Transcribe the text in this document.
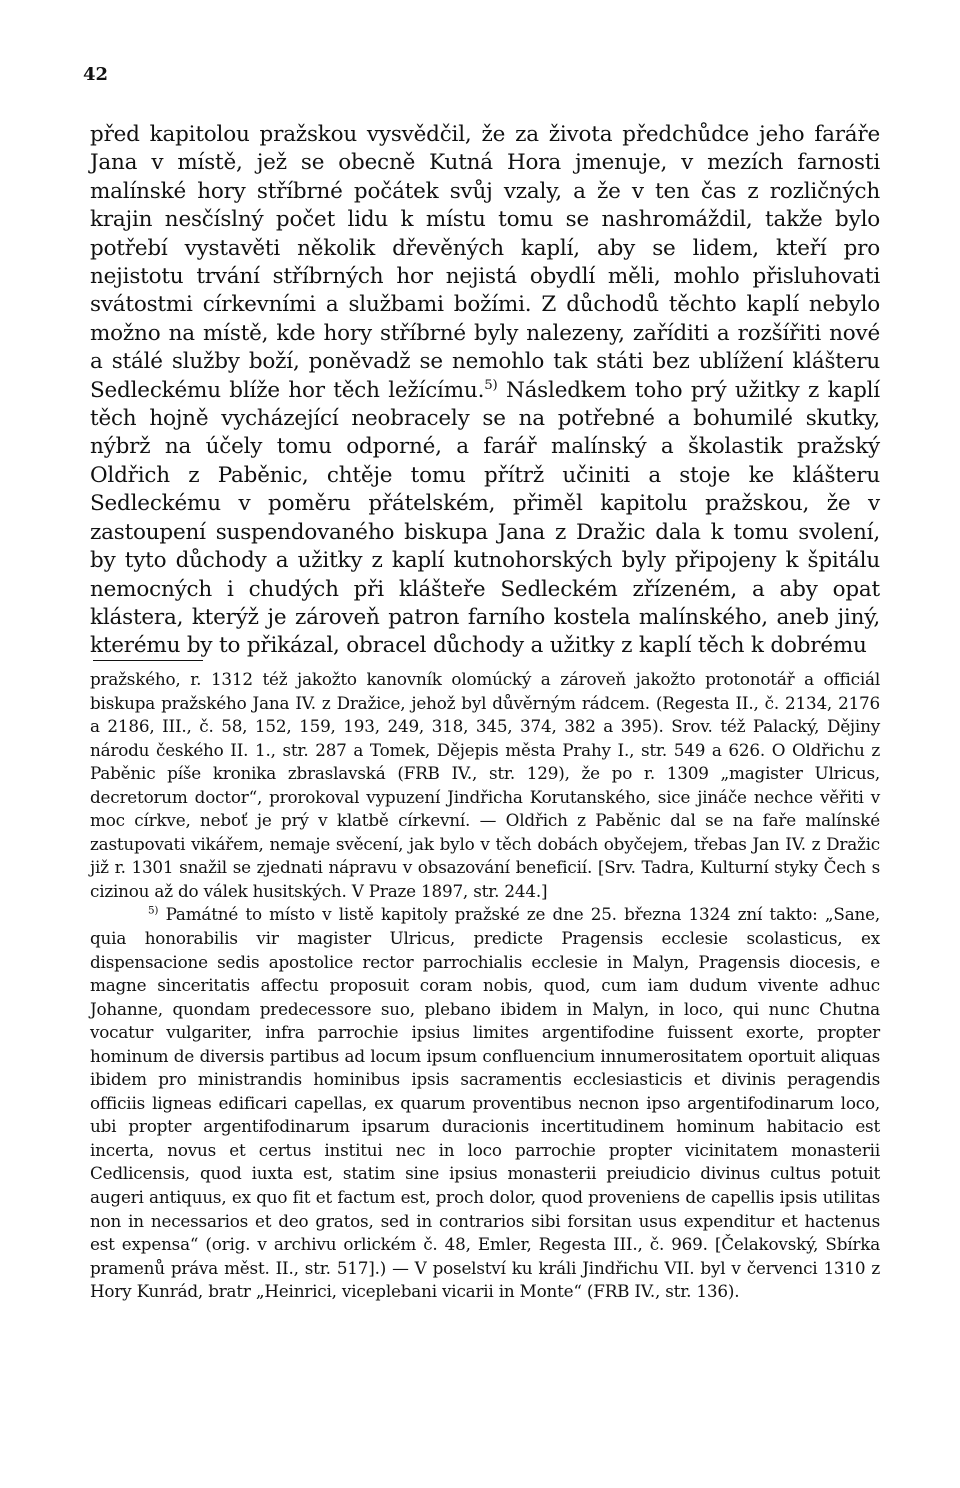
42

před kapitolou pražskou vysvědčil, že za života předchůdce jeho faráře Jana v místě, jež se obecně Kutná Hora jmenuje, v mezích farnosti malínské hory stříbrné počátek svůj vzaly, a že v ten čas z rozličných krajin nesčíslný počet lidu k místu tomu se nashromáždil, takže bylo potřebí vystavěti několik dřevěných kaplí, aby se lidem, kteří pro nejistotu trvání stříbrných hor nejistá obydlí měli, mohlo přisluhovati svátostmi církevními a službami božími. Z důchodů těchto kaplí nebylo možno na místě, kde hory stříbrné byly nalezeny, zaříditi a rozšířiti nové a stálé služby boží, poněvadž se nemohlo tak státi bez ublížení klášteru Sedleckému blíže hor těch ležícímu.$^{5)}$ Následkem toho prý užitky z kaplí těch hojně vycházející neobracely se na potřebné a bohumilé skutky, nýbrž na účely tomu odporné, a farář malínský a školastik pražský Oldřich z Paběnic, chtěje tomu přítrž učiniti a stoje ke klášteru Sedleckému v poměru přátelském, přiměl kapitolu pražskou, že v zastoupení suspendovaného biskupa Jana z Dražic dala k tomu svolení, by tyto důchody a užitky z kaplí kutnohorských byly připojeny k špitálu nemocných i chudých při klášteře Sedleckém zřízeném, a aby opat klástera, kterýž je zároveň patron farního kostela malínského, aneb jiný, kterému by to přikázal, obracel důchody a užitky z kaplí těch k dobrému

pražského, r. 1312 též jakožto kanovník olomúcký a zároveň jakožto protonotář a officiál biskupa pražského Jana IV. z Dražice, jehož byl důvěrným rádcem. (Regesta II., č. 2134, 2176 a 2186, III., č. 58, 152, 159, 193, 249, 318, 345, 374, 382 a 395). Srov. též Palacký, Dějiny národu českého II. 1., str. 287 a Tomek, Dějepis města Prahy I., str. 549 a 626. O Oldřichu z Paběnic píše kronika zbraslavská (FRB IV., str. 129), že po r. 1309 „magister Ulricus, decretorum doctor“, prorokoval vypuzení Jindřicha Korutanského, sice jináče nechce věřiti v moc církve, neboť je prý v klatbě církevní. — Oldřich z Paběnic dal se na faře malínské zastupovati vikářem, nemaje svěcení, jak bylo v těch dobách obyčejem, třebas Jan IV. z Dražic již r. 1301 snažil se zjednati nápravu v obsazování beneficií. [Srv. Tadra, Kulturní styky Čech s cizinou až do válek husitských. V Praze 1897, str. 244.]

$^{5)}$ Památné to místo v listě kapitoly pražské ze dne 25. března 1324 zní takto: „Sane, quia honorabilis vir magister Ulricus, predicte Pragensis ecclesie scolasticus, ex dispensacione sedis apostolice rector parrochialis ecclesie in Malyn, Pragensis diocesis, e magne sinceritatis affectu proposuit coram nobis, quod, cum iam dudum vivente adhuc Johanne, quondam predecessore suo, plebano ibidem in Malyn, in loco, qui nunc Chutna vocatur vulgariter, infra parrochie ipsius limites argentifodine fuissent exorte, propter hominum de diversis partibus ad locum ipsum confluencium innumerositatem oportuit aliquas ibidem pro ministrandis hominibus ipsis sacramentis ecclesiasticis et divinis peragendis officiis ligneas edificari capellas, ex quarum proventibus necnon ipso argentifodinarum loco, ubi propter argentifodinarum ipsarum duracionis incertitudinem hominum habitacio est incerta, novus et certus institui nec in loco parrochie propter vicinitatem monasterii Cedlicensis, quod iuxta est, statim sine ipsius monasterii preiudicio divinus cultus potuit augeri antiquus, ex quo fit et factum est, proch dolor, quod proveniens de capellis ipsis utilitas non in necessarios et deo gratos, sed in contrarios sibi forsitan usus expenditur et hactenus est expensa“ (orig. v archivu orlickém č. 48, Emler, Regesta III., č. 969. [Čelakovský, Sbírka pramenů práva měst. II., str. 517].) — V poselství ku králi Jindřichu VII. byl v červenci 1310 z Hory Kunrád, bratr „Heinrici, viceplebani vicarii in Monte“ (FRB IV., str. 136).
